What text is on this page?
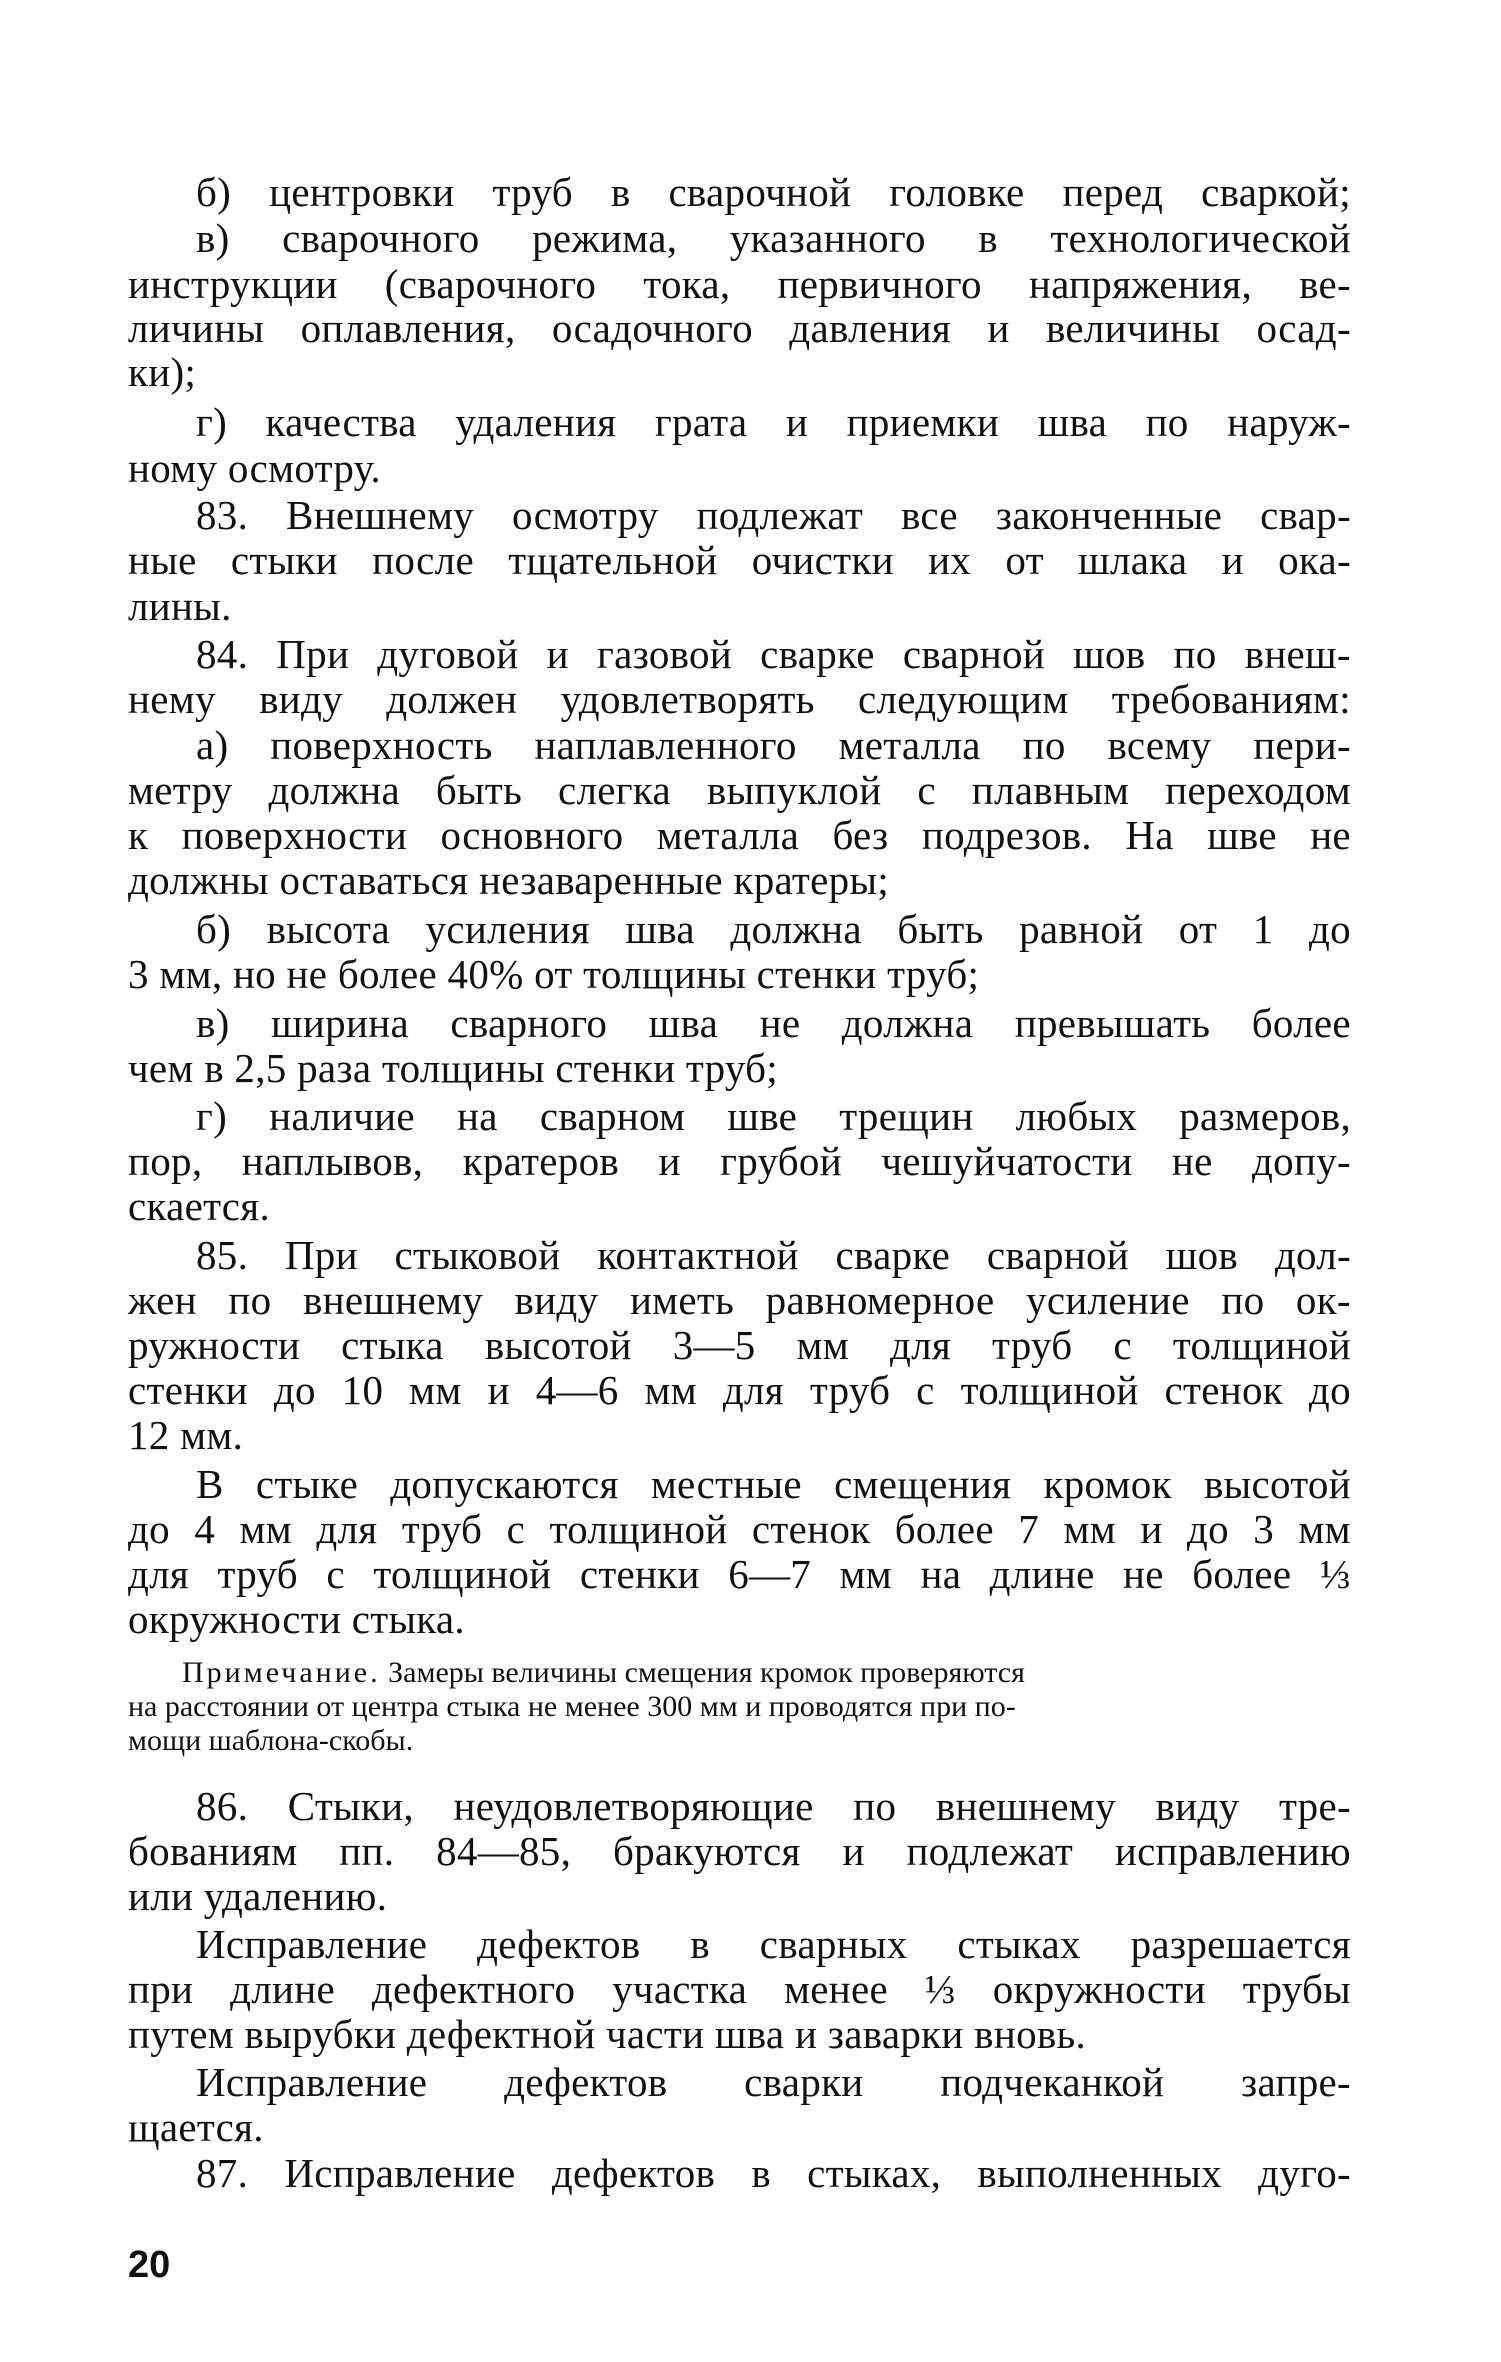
б) центровки труб в сварочной головке перед сваркой;
в) сварочного режима, указанного в технологической
инструкции (сварочного тока, первичного напряжения, ве-
личины оплавления, осадочного давления и величины осад-
ки);
г) качества удаления грата и приемки шва по наруж-
ному осмотру.
83. Внешнему осмотру подлежат все законченные свар-
ные стыки после тщательной очистки их от шлака и ока-
лины.
84. При дуговой и газовой сварке сварной шов по внеш-
нему виду должен удовлетворять следующим требованиям:
а) поверхность наплавленного металла по всему пери-
метру должна быть слегка выпуклой с плавным переходом
к поверхности основного металла без подрезов. На шве не
должны оставаться незаваренные кратеры;
б) высота усиления шва должна быть равной от 1 до
3 мм, но не более 40% от толщины стенки труб;
в) ширина сварного шва не должна превышать более
чем в 2,5 раза толщины стенки труб;
г) наличие на сварном шве трещин любых размеров,
пор, наплывов, кратеров и грубой чешуйчатости не допу-
скается.
85. При стыковой контактной сварке сварной шов дол-
жен по внешнему виду иметь равномерное усиление по ок-
ружности стыка высотой 3—5 мм для труб с толщиной
стенки до 10 мм и 4—6 мм для труб с толщиной стенок до
12 мм.
В стыке допускаются местные смещения кромок высотой
до 4 мм для труб с толщиной стенок более 7 мм и до 3 мм
для труб с толщиной стенки 6—7 мм на длине не более ⅓
окружности стыка.
Примечание. Замеры величины смещения кромок проверяются
на расстоянии от центра стыка не менее 300 мм и проводятся при по-
мощи шаблона-скобы.
86. Стыки, неудовлетворяющие по внешнему виду тре-
бованиям пп. 84—85, бракуются и подлежат исправлению
или удалению.
Исправление дефектов в сварных стыках разрешается
при длине дефектного участка менее ⅓ окружности трубы
путем вырубки дефектной части шва и заварки вновь.
Исправление дефектов сварки подчеканкой запре-
щается.
87. Исправление дефектов в стыках, выполненных дуго-
20
